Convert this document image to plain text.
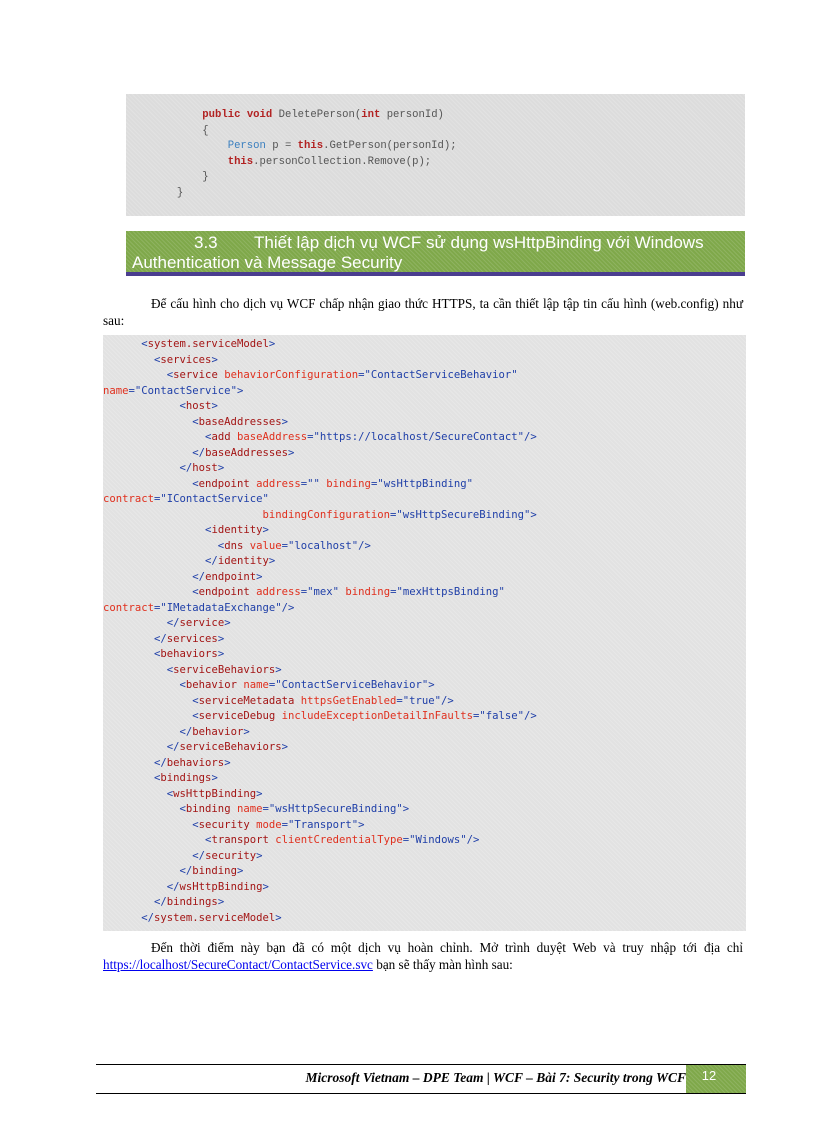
public void DeletePerson(int personId)
{
Person p = this.GetPerson(personId);
this.personCollection.Remove(p);
}
}
3.3 Thiết lập dịch vụ WCF sử dụng wsHttpBinding với Windows Authentication và Message Security

Để cấu hình cho dịch vụ WCF chấp nhận giao thức HTTPS, ta cần thiết lập tập tin cấu hình (web.config) như sau:

<system.serviceModel>
<services>
<service behaviorConfiguration="ContactServiceBehavior"
name="ContactService">
<host>
<baseAddresses>
<add baseAddress="https://localhost/SecureContact"/>
</baseAddresses>
</host>
<endpoint address="" binding="wsHttpBinding"
contract="IContactService"
bindingConfiguration="wsHttpSecureBinding">
<identity>
<dns value="localhost"/>
</identity>
</endpoint>
<endpoint address="mex" binding="mexHttpsBinding"
contract="IMetadataExchange"/>
</service>
</services>
<behaviors>
<serviceBehaviors>
<behavior name="ContactServiceBehavior">
<serviceMetadata httpsGetEnabled="true"/>
<serviceDebug includeExceptionDetailInFaults="false"/>
</behavior>
</serviceBehaviors>
</behaviors>
<bindings>
<wsHttpBinding>
<binding name="wsHttpSecureBinding">
<security mode="Transport">
<transport clientCredentialType="Windows"/>
</security>
</binding>
</wsHttpBinding>
</bindings>
</system.serviceModel>

Đến thời điểm này bạn đã có một dịch vụ hoàn chỉnh. Mở trình duyệt Web và truy nhập tới địa chỉ https://localhost/SecureContact/ContactService.svc bạn sẽ thấy màn hình sau:

Microsoft Vietnam – DPE Team | WCF – Bài 7: Security trong WCF	12
